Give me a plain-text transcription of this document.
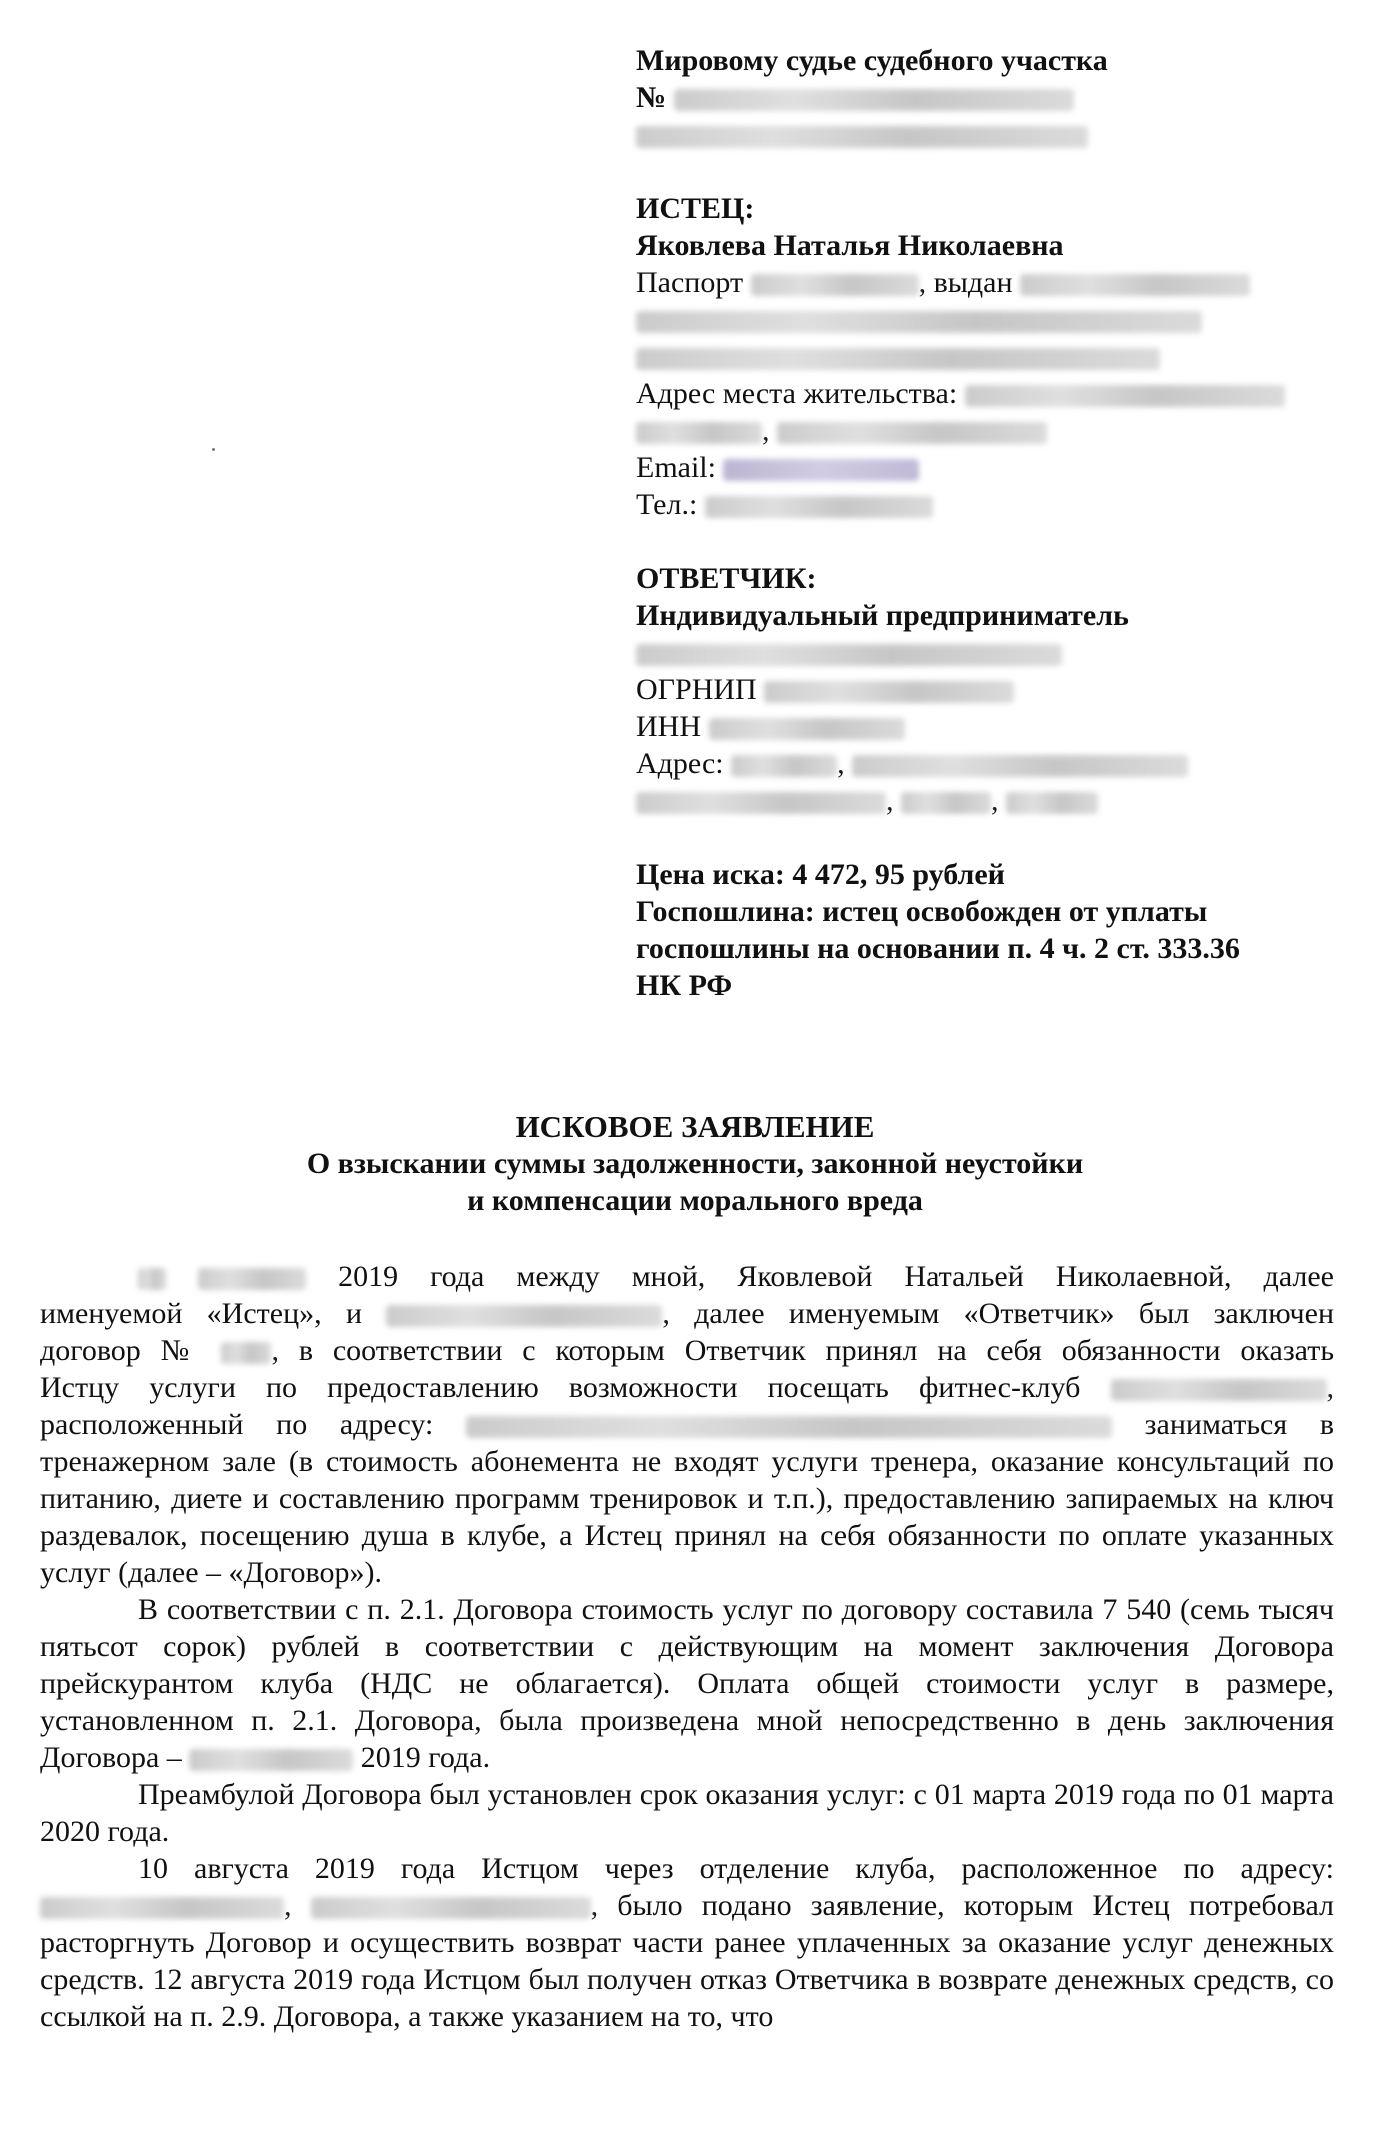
Мировому судье судебного участка
№
ИСТЕЦ:
Яковлева Наталья Николаевна
Паспорт	, выдан
Адрес места жительства:
,
Email:
Тел.:
ОТВЕТЧИК:
Индивидуальный предприниматель
ОГРНИП
ИНН
Адрес:	,
,	,
Цена иска: 4 472, 95 рублей
Госпошлина: истец освобожден от уплаты
госпошлины на основании п. 4 ч. 2 ст. 333.36
НК РФ
ИСКОВОЕ ЗАЯВЛЕНИЕ
О взыскании суммы задолженности, законной неустойки
и компенсации морального вреда

2019 года между мной, Яковлевой Натальей Николаевной, далее

именуемой «Истец», и	, далее именуемым «Ответчик» был заключен

договор № , в соответствии с которым Ответчик принял на себя обязанности оказать

Истцу услуги по предоставлению возможности посещать фитнес-клуб	,

расположенный по адресу:	заниматься в

тренажерном зале (в стоимость абонемента не входят услуги тренера, оказание консультаций по питанию, диете и составлению программ тренировок и т.п.), предоставлению запираемых на ключ раздевалок, посещению душа в клубе, а Истец принял на себя обязанности по оплате указанных услуг (далее – «Договор»).

В соответствии с п. 2.1. Договора стоимость услуг по договору составила 7 540 (семь тысяч пятьсот сорок) рублей в соответствии с действующим на момент заключения Договора прейскурантом клуба (НДС не облагается). Оплата общей стоимости услуг в размере, установленном п. 2.1. Договора, была произведена мной непосредственно в день заключения Договора –	2019 года.

Преамбулой Договора был установлен срок оказания услуг: с 01 марта 2019 года по 01 марта 2020 года.

10 августа 2019 года Истцом через отделение клуба, расположенное по адресу: ,	, было подано заявление, которым Истец потребовал расторгнуть Договор и осуществить возврат части ранее уплаченных за оказание услуг денежных средств. 12 августа 2019 года Истцом был получен отказ Ответчика в возврате денежных средств, со ссылкой на п. 2.9. Договора, а также указанием на то, что
